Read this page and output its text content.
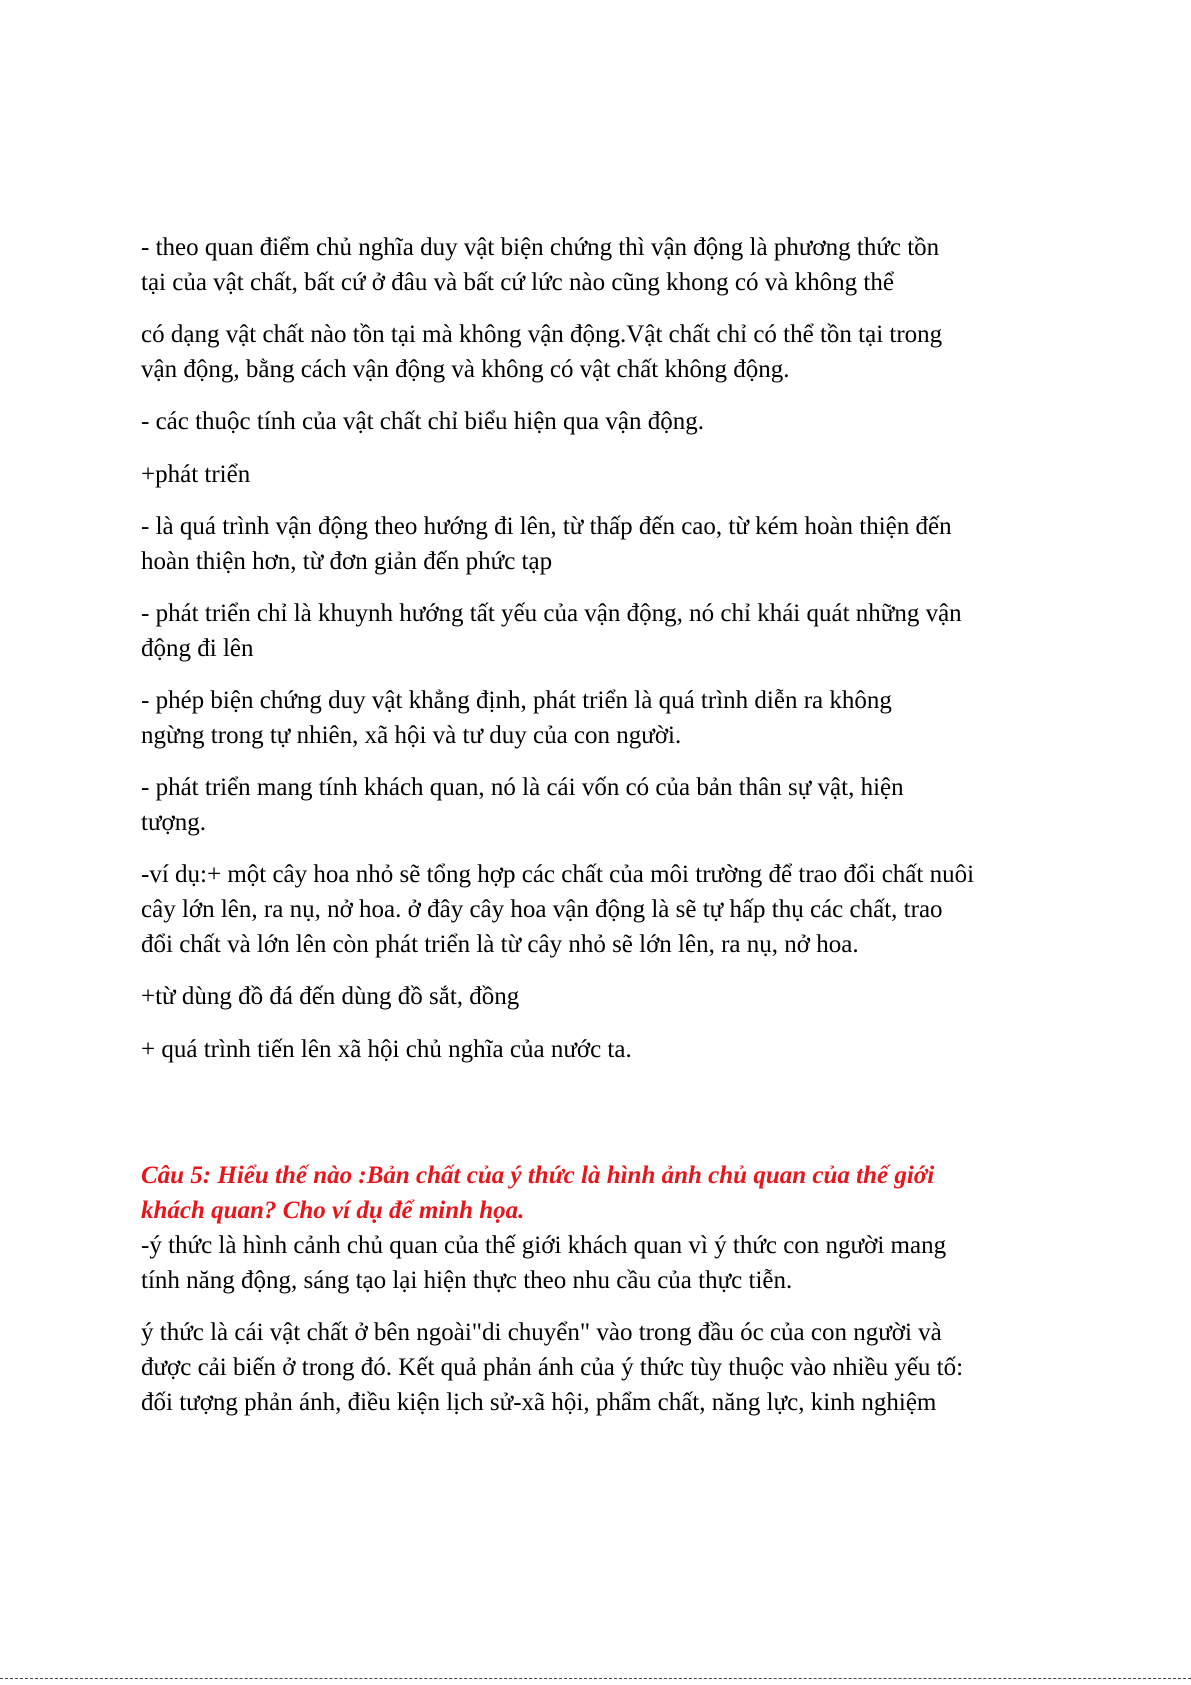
- theo quan điểm chủ nghĩa duy vật biện chứng thì vận động là phương thức tồn
tại của vật chất, bất cứ ở đâu và bất cứ lức nào cũng khong có và không thể
có dạng vật chất nào tồn tại mà không vận động.Vật chất chỉ có thể tồn tại trong
vận động, bằng cách vận động và không có vật chất không động.
- các thuộc tính của vật chất chỉ biểu hiện qua vận động.
+phát triển
- là quá trình vận động theo hướng đi lên, từ thấp đến cao, từ kém hoàn thiện đến
hoàn thiện hơn, từ đơn giản đến phức tạp
- phát triển chỉ là khuynh hướng tất yếu của vận động, nó chỉ khái quát những vận
động đi lên
- phép biện chứng duy vật khẳng định, phát triển là quá trình diễn ra không
ngừng trong tự nhiên, xã hội và tư duy của con người.
- phát triển mang tính khách quan, nó là cái vốn có của bản thân sự vật, hiện
tượng.
-ví dụ:+ một cây hoa nhỏ sẽ tổng hợp các chất của môi trường để trao đổi chất nuôi
cây lớn lên, ra nụ, nở hoa. ở đây cây hoa vận động là sẽ tự hấp thụ các chất, trao
đổi chất và lớn lên còn phát triển là từ cây nhỏ sẽ lớn lên, ra nụ, nở hoa.
+từ dùng đồ đá đến dùng đồ sắt, đồng
+ quá trình tiến lên xã hội chủ nghĩa của nước ta.
Câu 5: Hiểu thế nào :Bản chất của ý thức là hình ảnh chủ quan của thế giới
khách quan? Cho ví dụ để minh họa.
-ý thức là hình cảnh chủ quan của thế giới khách quan vì ý thức con người mang
tính năng động, sáng tạo lại hiện thực theo nhu cầu của thực tiễn.
ý thức là cái vật chất ở bên ngoài"di chuyển" vào trong đầu óc của con người và
được cải biến ở trong đó. Kết quả phản ánh của ý thức tùy thuộc vào nhiều yếu tố:
đối tượng phản ánh, điều kiện lịch sử-xã hội, phẩm chất, năng lực, kinh nghiệm
